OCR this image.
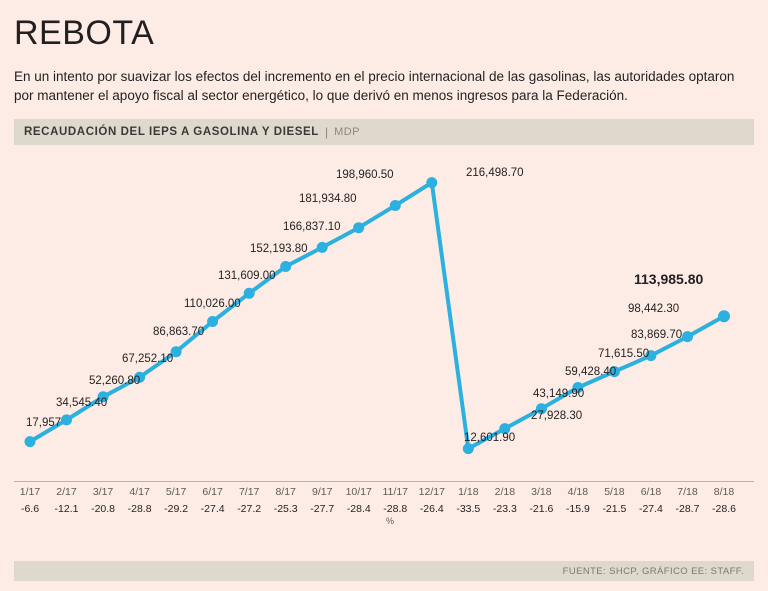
REBOTA

En un intento por suavizar los efectos del incremento en el precio internacional de las gasolinas, las autoridades optaron por mantener el apoyo fiscal al sector energético, lo que derivó en menos ingresos para la Federación.

RECAUDACIÓN DEL IEPS A GASOLINA Y DIESEL | MDP
17,957
34,545.40
52,260.80
67,252.10
86,863.70
110,026.00
131,609.00
152,193.80
166,837.10
181,934.80
198,960.50	216,498.70
12,601.90
27,928.30
43,149.90
59,428.40
71,615.50
83,869.70
98,442.30
113,985.80
%
1/17
-6.6
2/17
-12.1
3/17
-20.8
4/17
-28.8
5/17
-29.2
6/17
-27.4
7/17
-27.2
8/17
-25.3
9/17
-27.7
10/17
-28.4
11/17
-28.8
12/17
-26.4
1/18
-33.5
2/18
-23.3
3/18
-21.6
4/18
-15.9
5/18
-21.5
6/18
-27.4
7/18
-28.7
8/18
-28.6
FUENTE: SHCP, GRÁFICO EE: STAFF.
